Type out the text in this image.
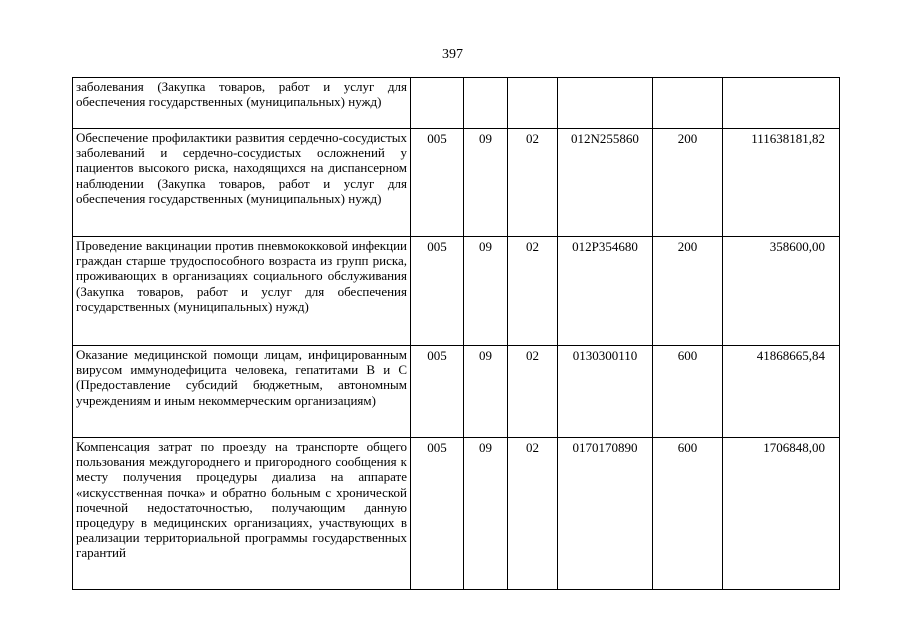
397
заболевания (Закупка товаров, работ и услуг для обеспечения государственных (муниципальных) нужд)						
Обеспечение профилактики развития сердечно-сосудистых заболеваний и сердечно-сосудистых осложнений у пациентов высокого риска, находящихся на диспансерном наблюдении (Закупка товаров, работ и услуг для обеспечения государственных (муниципальных) нужд)	005	09	02	012N255860	200	111638181,82
Проведение вакцинации против пневмококковой инфекции граждан старше трудоспособного возраста из групп риска, проживающих в организациях социального обслуживания (Закупка товаров, работ и услуг для обеспечения государственных (муниципальных) нужд)	005	09	02	012P354680	200	358600,00
Оказание медицинской помощи лицам, инфицированным вирусом иммунодефицита человека, гепатитами B и C (Предоставление субсидий бюджетным, автономным учреждениям и иным некоммерческим организациям)	005	09	02	0130300110	600	41868665,84
Компенсация затрат по проезду на транспорте общего пользования междугороднего и пригородного сообщения к месту получения процедуры диализа на аппарате «искусственная почка» и обратно больным с хронической почечной недостаточностью, получающим данную процедуру в медицинских организациях, участвующих в реализации территориальной программы государственных гарантий	005	09	02	0170170890	600	1706848,00
